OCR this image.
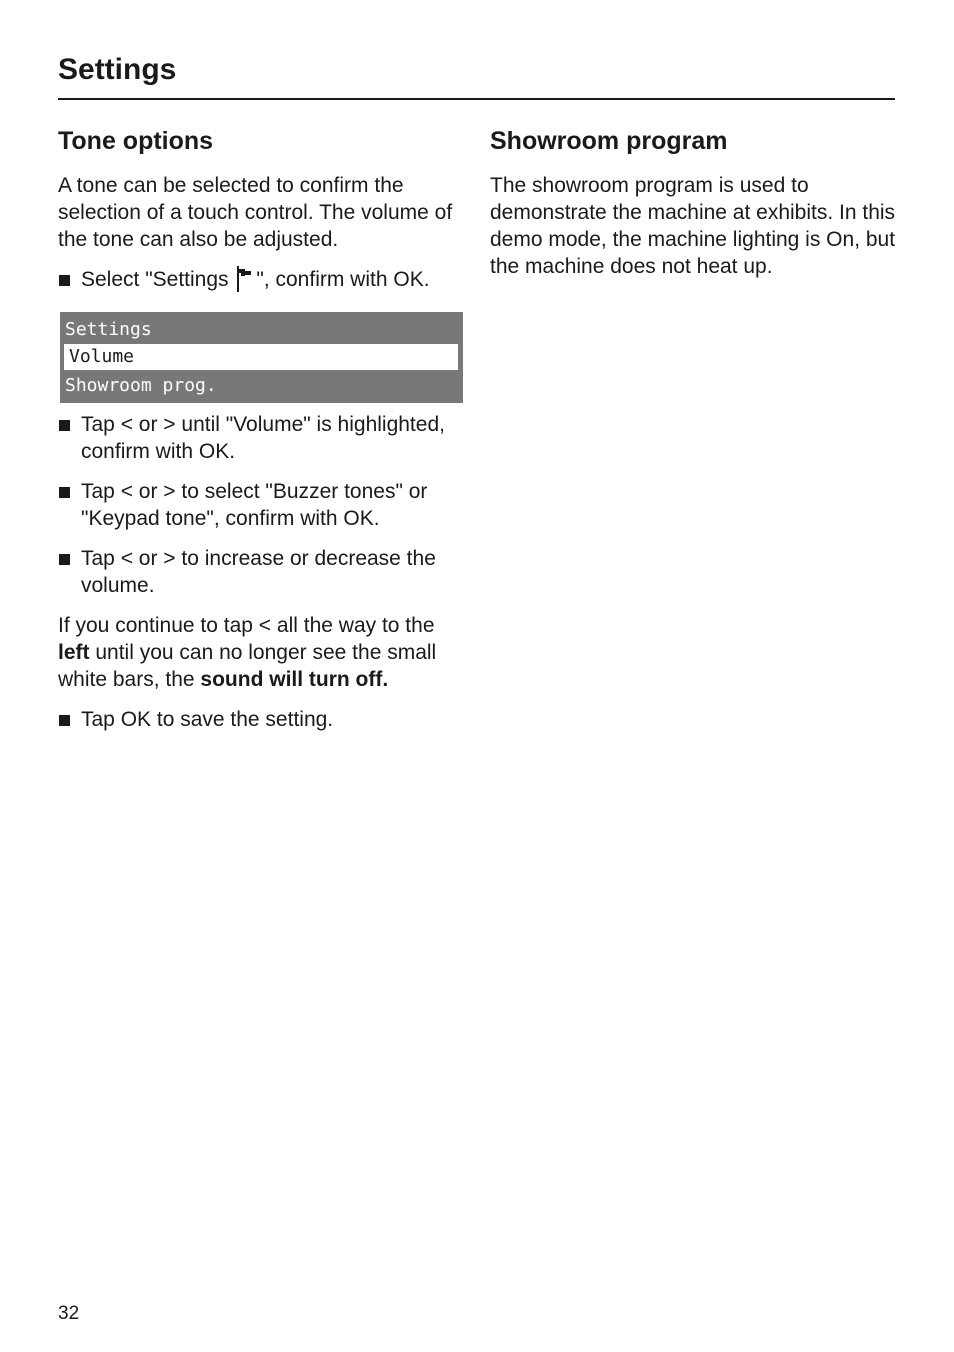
Settings
Tone options

A tone can be selected to confirm the selection of a touch control. The volume of the tone can also be adjusted.

Select "Settings ", confirm with OK.
Settings
Volume
Showroom prog.
Tap < or > until "Volume" is highlighted, confirm with OK.
Tap < or > to select "Buzzer tones" or "Keypad tone", confirm with OK.
Tap < or > to increase or decrease the volume.

If you continue to tap < all the way to the left until you can no longer see the small white bars, the sound will turn off.

Tap OK to save the setting.
Showroom program

The showroom program is used to demonstrate the machine at exhibits. In this demo mode, the machine lighting is On, but the machine does not heat up.

32
